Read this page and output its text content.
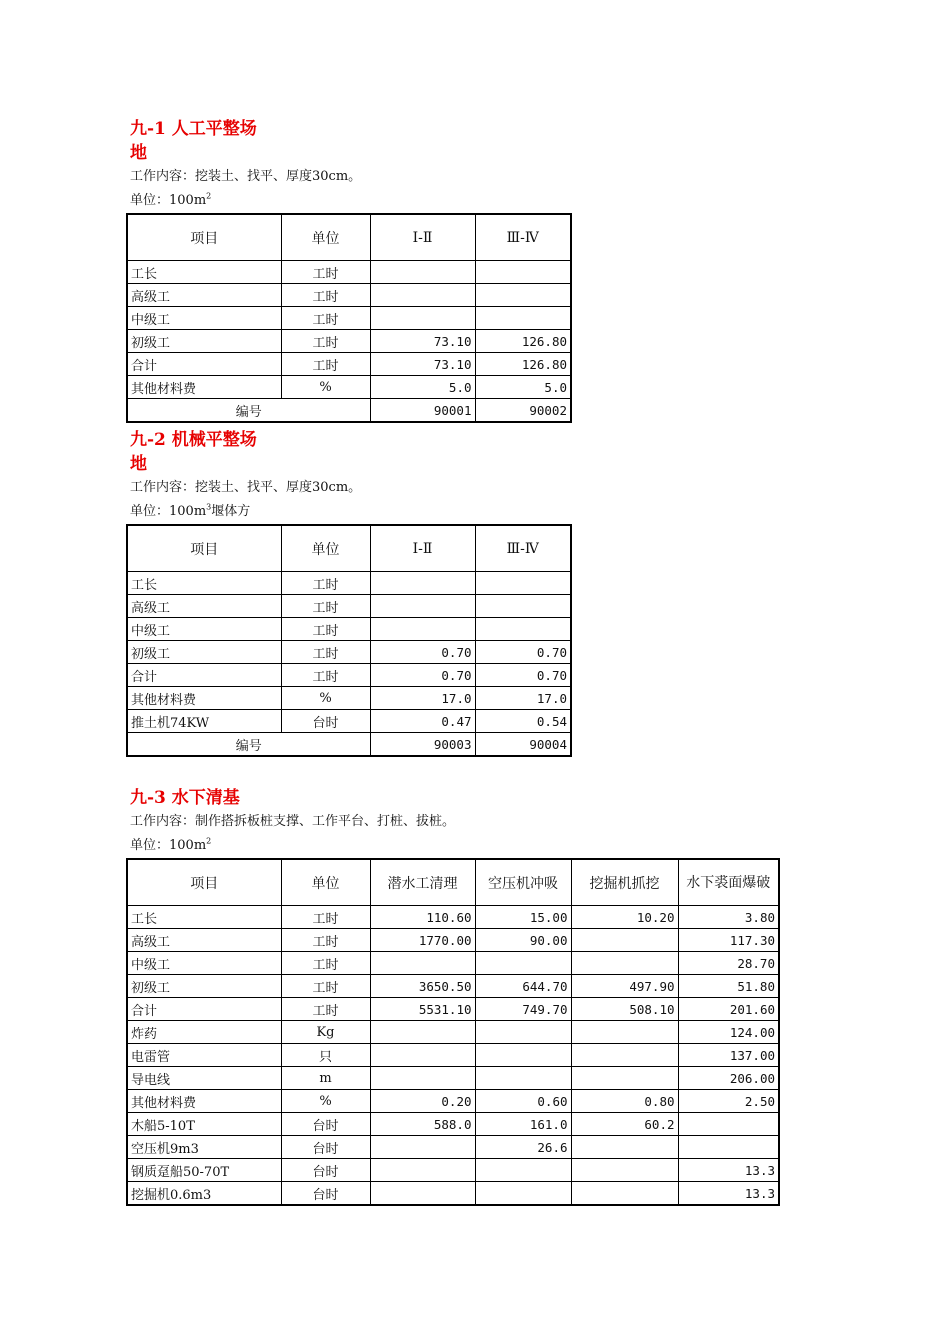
九-1 人工平整场
地
工作内容：挖装土、找平、厚度30cm。
单位：$100m^2$
项目	单位	Ⅰ-Ⅱ	Ⅲ-Ⅳ
工长	工时		
高级工	工时		
中级工	工时		
初级工	工时	73.10	126.80
合计	工时	73.10	126.80
其他材料费	%	5.0	5.0
编号		90001	90002
九-2 机械平整场
地
工作内容：挖装土、找平、厚度30cm。
单位：$100m^3$堰体方
项目	单位	Ⅰ-Ⅱ	Ⅲ-Ⅳ
工长	工时		
高级工	工时		
中级工	工时		
初级工	工时	0.70	0.70
合计	工时	0.70	0.70
其他材料费	%	17.0	17.0
推土机74KW	台时	0.47	0.54
编号		90003	90004
九-3 水下清基
工作内容：制作搭拆板桩支撑、工作平台、打桩、拔桩。
单位：$100m^2$
项目	单位	潜水工清理	空压机冲吸	挖掘机抓挖	水下裘面爆破
工长	工时	110.60	15.00	10.20	3.80
高级工	工时	1770.00	90.00		117.30
中级工	工时				28.70
初级工	工时	3650.50	644.70	497.90	51.80
合计	工时	5531.10	749.70	508.10	201.60
炸药	Kg				124.00
电雷管	只				137.00
导电线	m				206.00
其他材料费	%	0.20	0.60	0.80	2.50
木船5-10T	台时	588.0	161.0	60.2	
空压机9m3	台时		26.6		
钢质趸船50-70T	台时				13.3
挖掘机0.6m3	台时				13.3
